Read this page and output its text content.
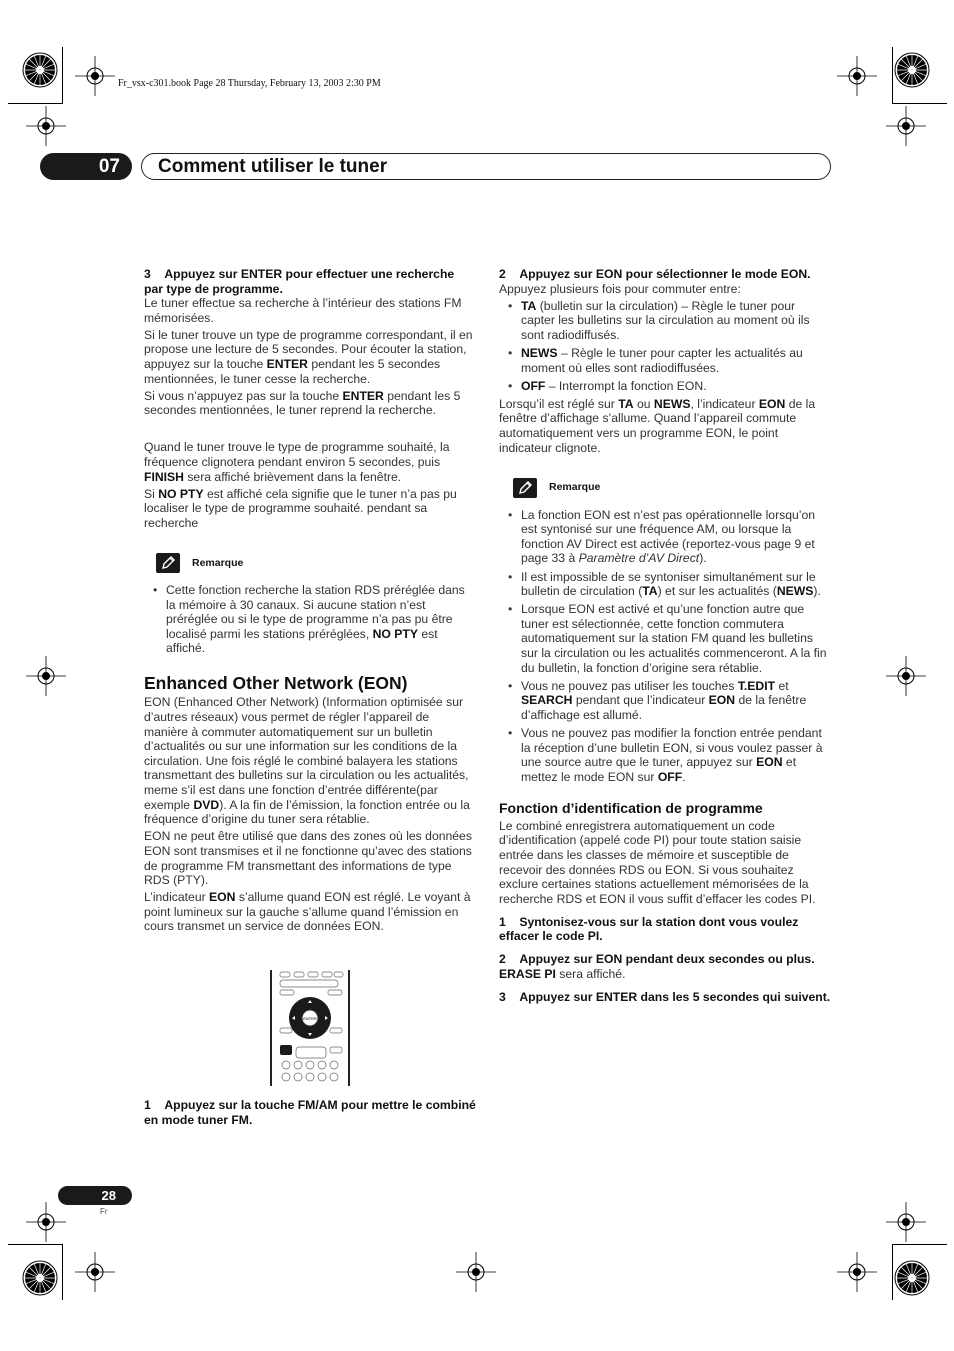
Fr_vsx-c301.book Page 28 Thursday, February 13, 2003 2:30 PM
07	Comment utiliser le tuner

3 Appuyez sur ENTER pour effectuer une recherche par type de programme.

Le tuner effectue sa recherche à l’intérieur des stations FM mémorisées.

Si le tuner trouve un type de programme correspondant, il en propose une lecture de 5 secondes. Pour écouter la station, appuyez sur la touche ENTER pendant les 5 secondes mentionnées, le tuner cesse la recherche.

Si vous n’appuyez pas sur la touche ENTER pendant les 5 secondes mentionnées, le tuner reprend la recherche.

Quand le tuner trouve le type de programme souhaité, la fréquence clignotera pendant environ 5 secondes, puis FINISH sera affiché brièvement dans la fenêtre.

Si NO PTY est affiché cela signifie que le tuner n’a pas pu localiser le type de programme souhaité. pendant sa recherche

Remarque
• Cette fonction recherche la station RDS préréglée dans la mémoire à 30 canaux. Si aucune station n’est préréglée ou si le type de programme n’a pas pu être localisé parmi les stations préréglées, NO PTY est affiché.
Enhanced Other Network (EON)

EON (Enhanced Other Network) (Information optimisée sur d’autres réseaux) vous permet de régler l’appareil de manière à commuter automatiquement sur un bulletin d’actualités ou sur une information sur les conditions de la circulation. Une fois réglé le combiné balayera les stations transmettant des bulletins sur la circulation ou les actualités, meme s’il est dans une fonction d’entrée différente(par exemple DVD). A la fin de l’émission, la fonction entrée ou la fréquence d’origine du tuner sera rétablie.

EON ne peut être utilisé que dans des zones où les données EON sont transmises et il ne fonctionne qu’avec des stations de programme FM transmettant des informations de type RDS (PTY).

L’indicateur EON s’allume quand EON est réglé. Le voyant à point lumineux sur la gauche s’allume quand l’émission en cours transmet un service de données EON.

ENTER

1 Appuyez sur la touche FM/AM pour mettre le combiné en mode tuner FM.

2 Appuyez sur EON pour sélectionner le mode EON.

Appuyez plusieurs fois pour commuter entre:

• TA (bulletin sur la circulation) – Règle le tuner pour capter les bulletins sur la circulation au moment où ils sont radiodiffusés.
• NEWS – Règle le tuner pour capter les actualités au moment où elles sont radiodiffusées.
• OFF – Interrompt la fonction EON.

Lorsqu’il est réglé sur TA ou NEWS, l’indicateur EON de la fenêtre d’affichage s’allume. Quand l’appareil commute automatiquement vers un programme EON, le point indicateur clignote.

Remarque
• La fonction EON est n’est pas opérationnelle lorsqu’on est syntonisé sur une fréquence AM, ou lorsque la fonction AV Direct est activée (reportez-vous page 9 et page 33 à Paramètre d’AV Direct).
• Il est impossible de se syntoniser simultanément sur le bulletin de circulation (TA) et sur les actualités (NEWS).
• Lorsque EON est activé et qu’une fonction autre que tuner est sélectionnée, cette fonction commutera automatiquement sur la station FM quand les bulletins sur la circulation ou les actualités commenceront. A la fin du bulletin, la fonction d’origine sera rétablie.
• Vous ne pouvez pas utiliser les touches T.EDIT et SEARCH pendant que l’indicateur EON de la fenêtre d’affichage est allumé.
• Vous ne pouvez pas modifier la fonction entrée pendant la réception d’une bulletin EON, si vous voulez passer à une source autre que le tuner, appuyez sur EON et mettez le mode EON sur OFF.
Fonction d’identification de programme

Le combiné enregistrera automatiquement un code d’identification (appelé code PI) pour toute station saisie entrée dans les classes de mémoire et susceptible de recevoir des données RDS ou EON. Si vous souhaitez exclure certaines stations actuellement mémorisées de la recherche RDS et EON il vous suffit d’effacer les codes PI.

1 Syntonisez-vous sur la station dont vous voulez effacer le code PI.

2 Appuyez sur EON pendant deux secondes ou plus.

ERASE PI sera affiché.

3 Appuyez sur ENTER dans les 5 secondes qui suivent.

28
Fr
